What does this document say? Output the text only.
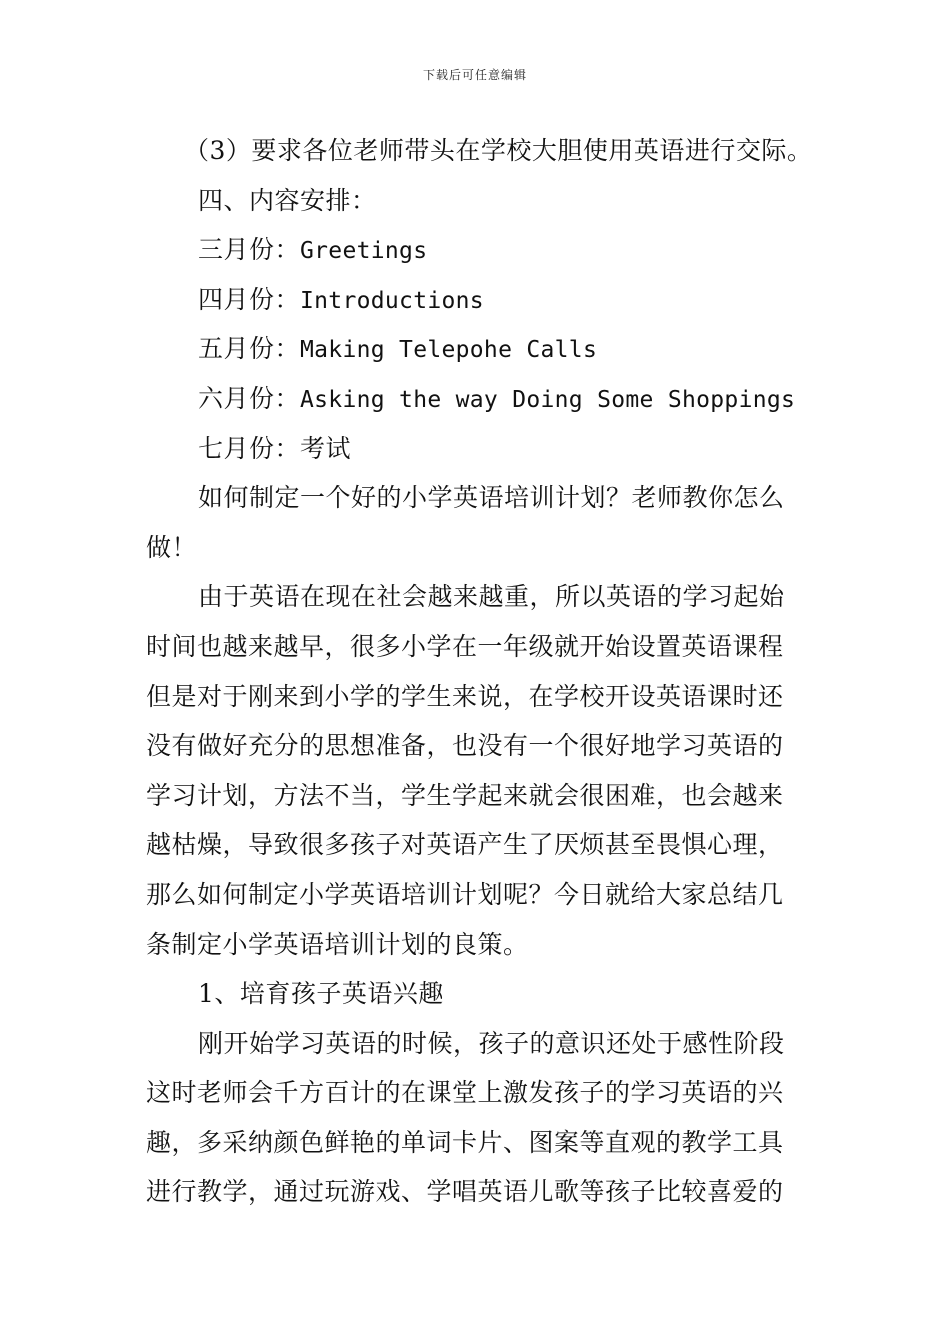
下载后可任意编辑
（3）要求各位老师带头在学校大胆使用英语进行交际。
四、内容安排：
三月份：Greetings
四月份：Introductions
五月份：Making Telepohe Calls
六月份：Asking the way Doing Some Shoppings
七月份：考试
如何制定一个好的小学英语培训计划？老师教你怎么
做！
由于英语在现在社会越来越重，所以英语的学习起始
时间也越来越早，很多小学在一年级就开始设置英语课程
但是对于刚来到小学的学生来说，在学校开设英语课时还
没有做好充分的思想准备，也没有一个很好地学习英语的
学习计划，方法不当，学生学起来就会很困难，也会越来
越枯燥，导致很多孩子对英语产生了厌烦甚至畏惧心理，
那么如何制定小学英语培训计划呢？今日就给大家总结几
条制定小学英语培训计划的良策。
1、培育孩子英语兴趣
刚开始学习英语的时候，孩子的意识还处于感性阶段
这时老师会千方百计的在课堂上激发孩子的学习英语的兴
趣，多采纳颜色鲜艳的单词卡片、图案等直观的教学工具
进行教学，通过玩游戏、学唱英语儿歌等孩子比较喜爱的
